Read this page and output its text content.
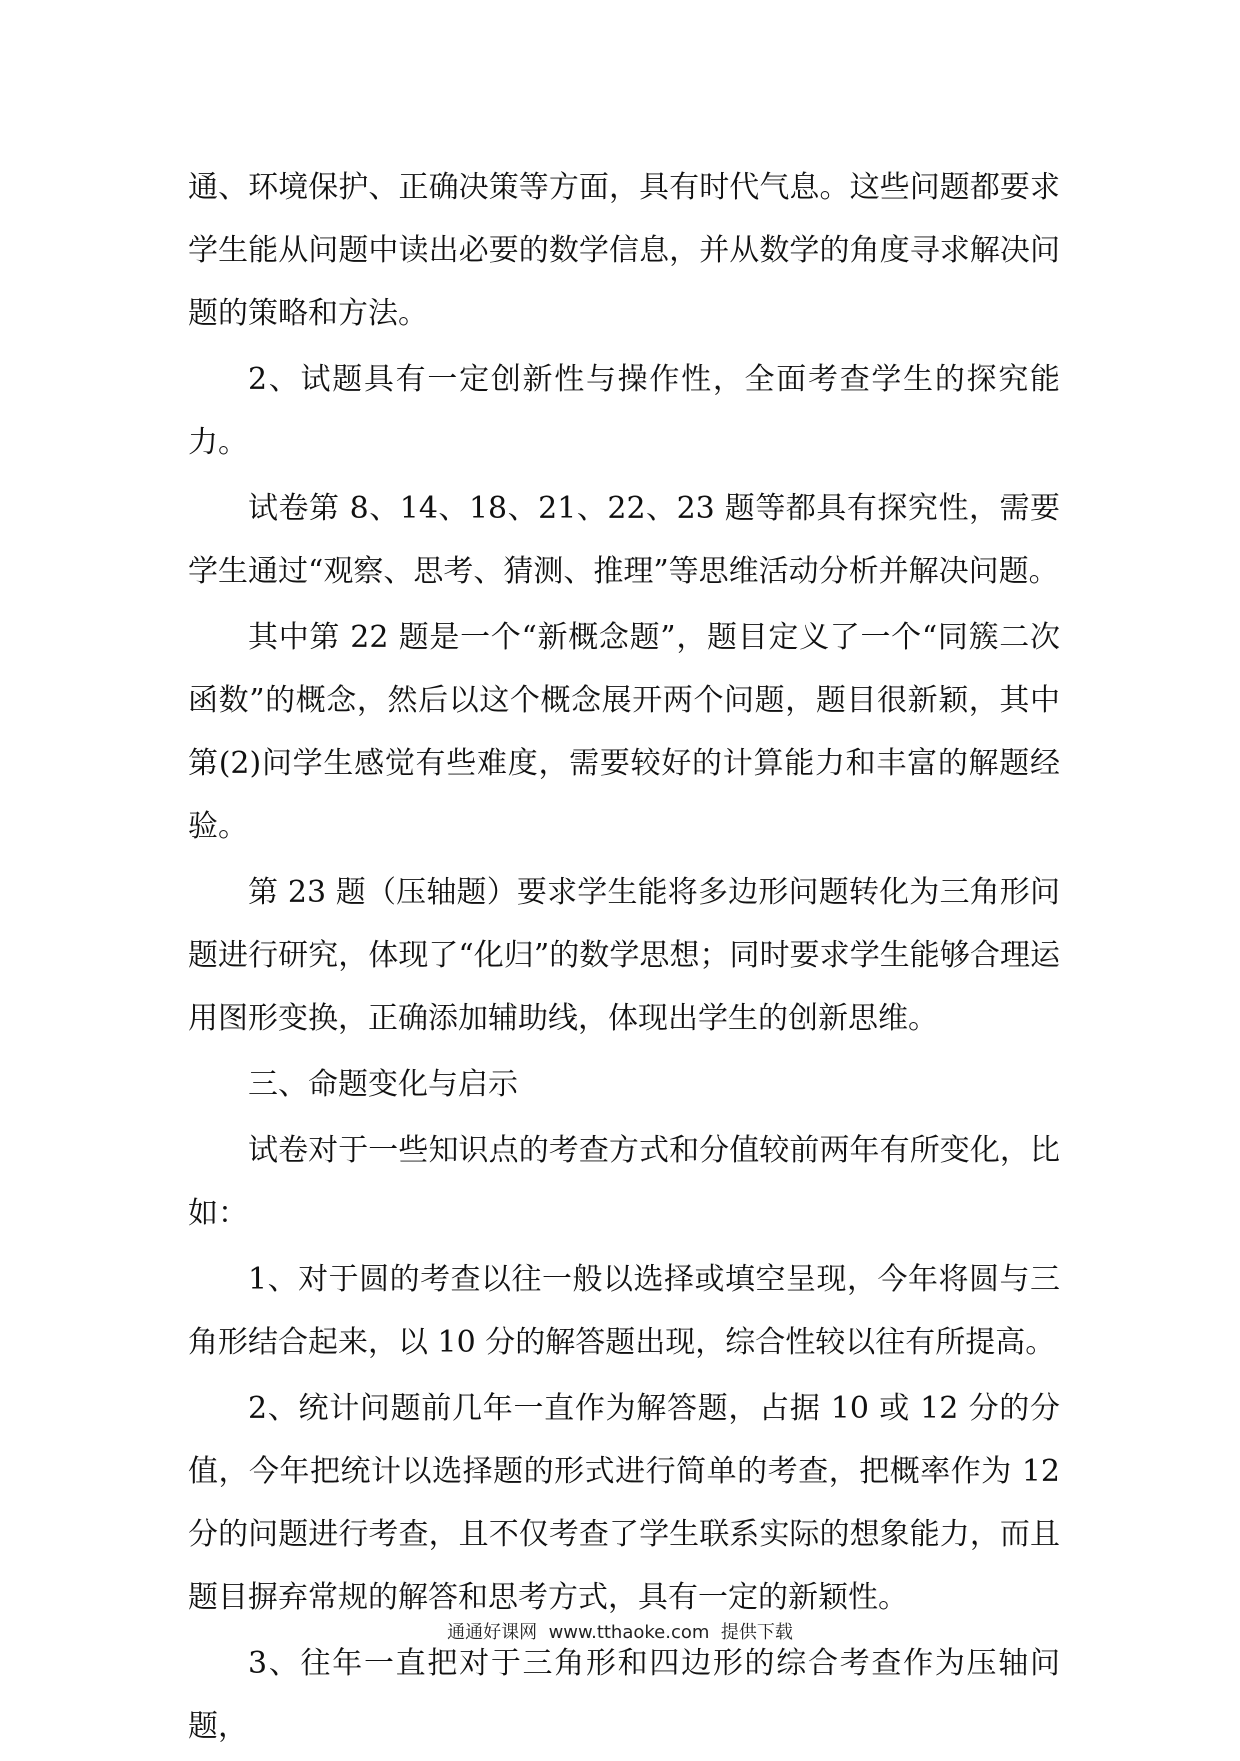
通、环境保护、正确决策等方面，具有时代气息。这些问题都要求学生能从问题中读出必要的数学信息，并从数学的角度寻求解决问题的策略和方法。

2、试题具有一定创新性与操作性，全面考查学生的探究能力。

试卷第 8、14、18、21、22、23 题等都具有探究性，需要学生通过“观察、思考、猜测、推理”等思维活动分析并解决问题。

其中第 22 题是一个“新概念题”，题目定义了一个“同簇二次函数”的概念，然后以这个概念展开两个问题，题目很新颖，其中第(2)问学生感觉有些难度，需要较好的计算能力和丰富的解题经验。

第 23 题（压轴题）要求学生能将多边形问题转化为三角形问题进行研究，体现了“化归”的数学思想；同时要求学生能够合理运用图形变换，正确添加辅助线，体现出学生的创新思维。

三、命题变化与启示

试卷对于一些知识点的考查方式和分值较前两年有所变化，比如：

1、对于圆的考查以往一般以选择或填空呈现，今年将圆与三角形结合起来，以 10 分的解答题出现，综合性较以往有所提高。

2、统计问题前几年一直作为解答题，占据 10 或 12 分的分值，今年把统计以选择题的形式进行简单的考查，把概率作为 12 分的问题进行考查，且不仅考查了学生联系实际的想象能力，而且题目摒弃常规的解答和思考方式，具有一定的新颖性。

3、往年一直把对于三角形和四边形的综合考查作为压轴问题，

通通好课网  www.tthaoke.com  提供下载
